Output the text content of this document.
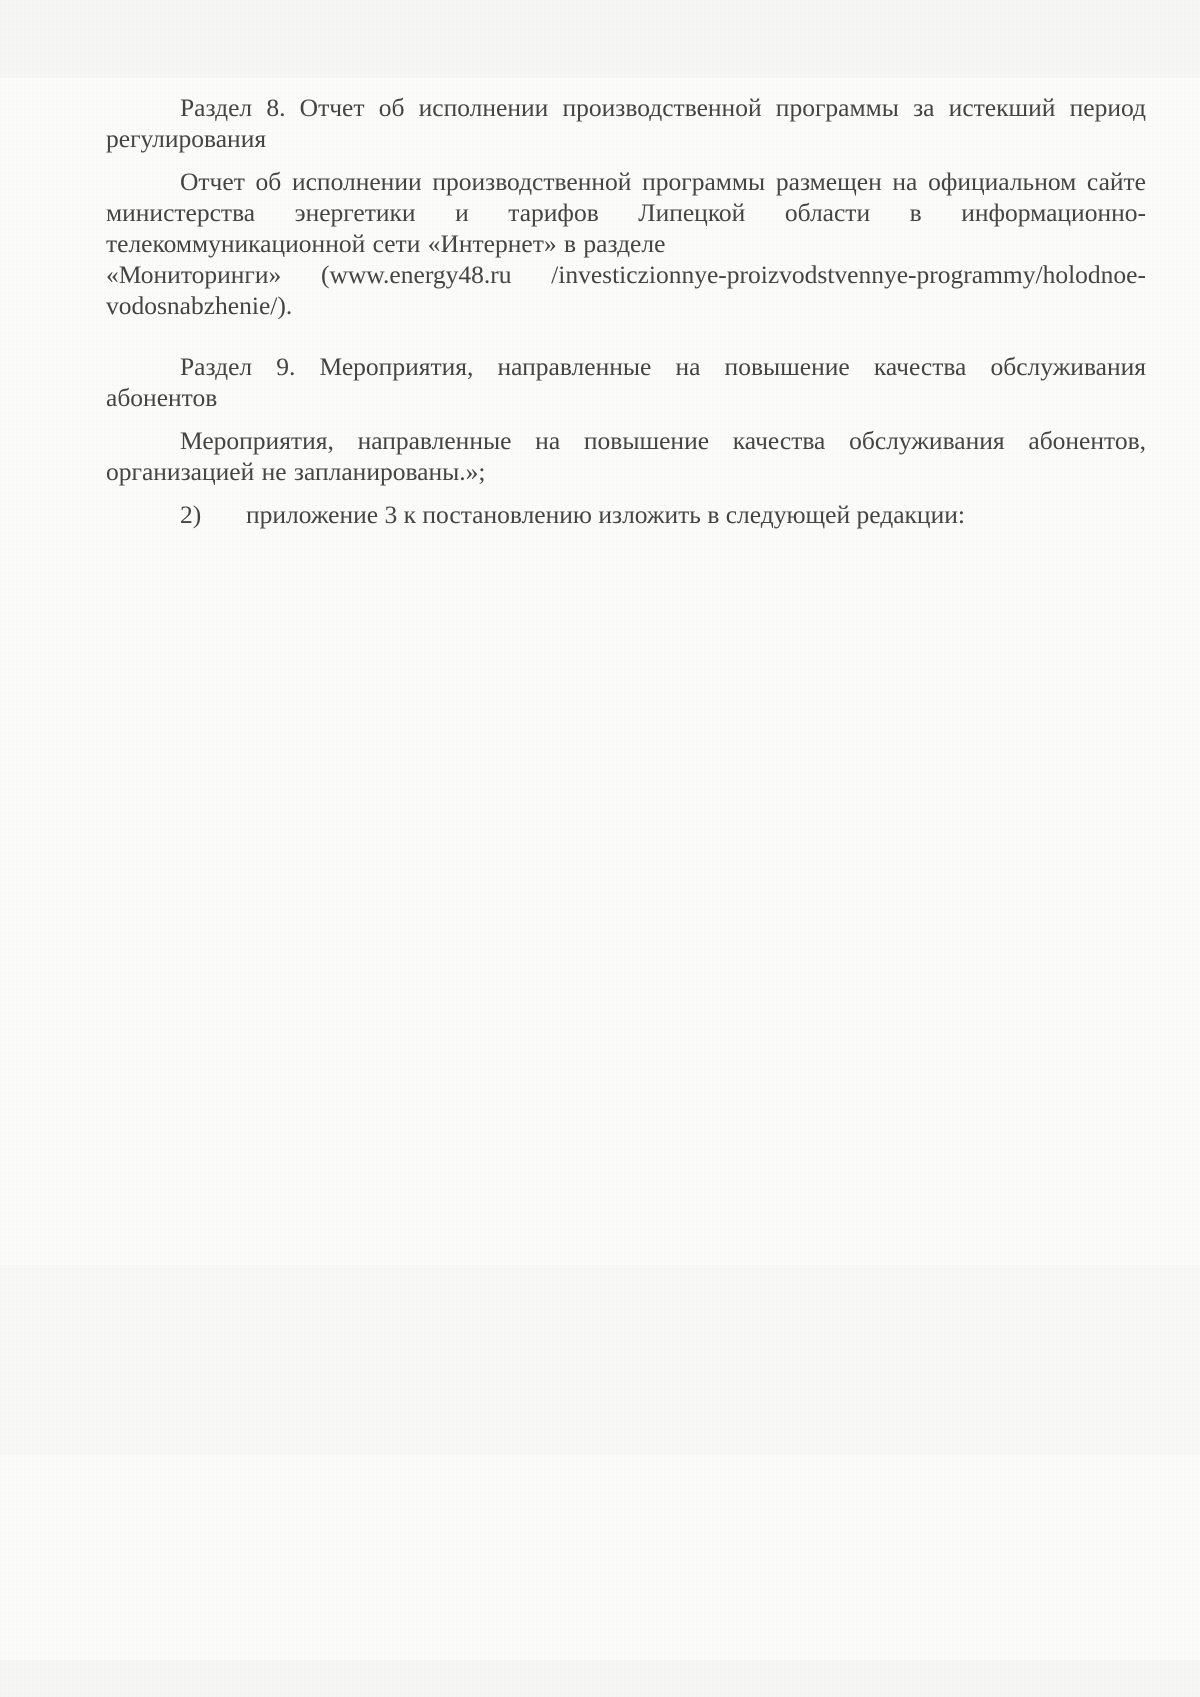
Раздел 8. Отчет об исполнении производственной программы за истекший период регулирования

Отчет об исполнении производственной программы размещен на официальном сайте министерства энергетики и тарифов Липецкой области в информационно-телекоммуникационной сети «Интернет» в разделе

«Мониторинги» (www.energy48.ru /investiczionnye-proizvodstvennye-programmy/holodnoe-vodosnabzhenie/).

Раздел 9. Мероприятия, направленные на повышение качества обслуживания абонентов

Мероприятия, направленные на повышение качества обслуживания абонентов, организацией не запланированы.»;

2) приложение 3 к постановлению изложить в следующей редакции:
